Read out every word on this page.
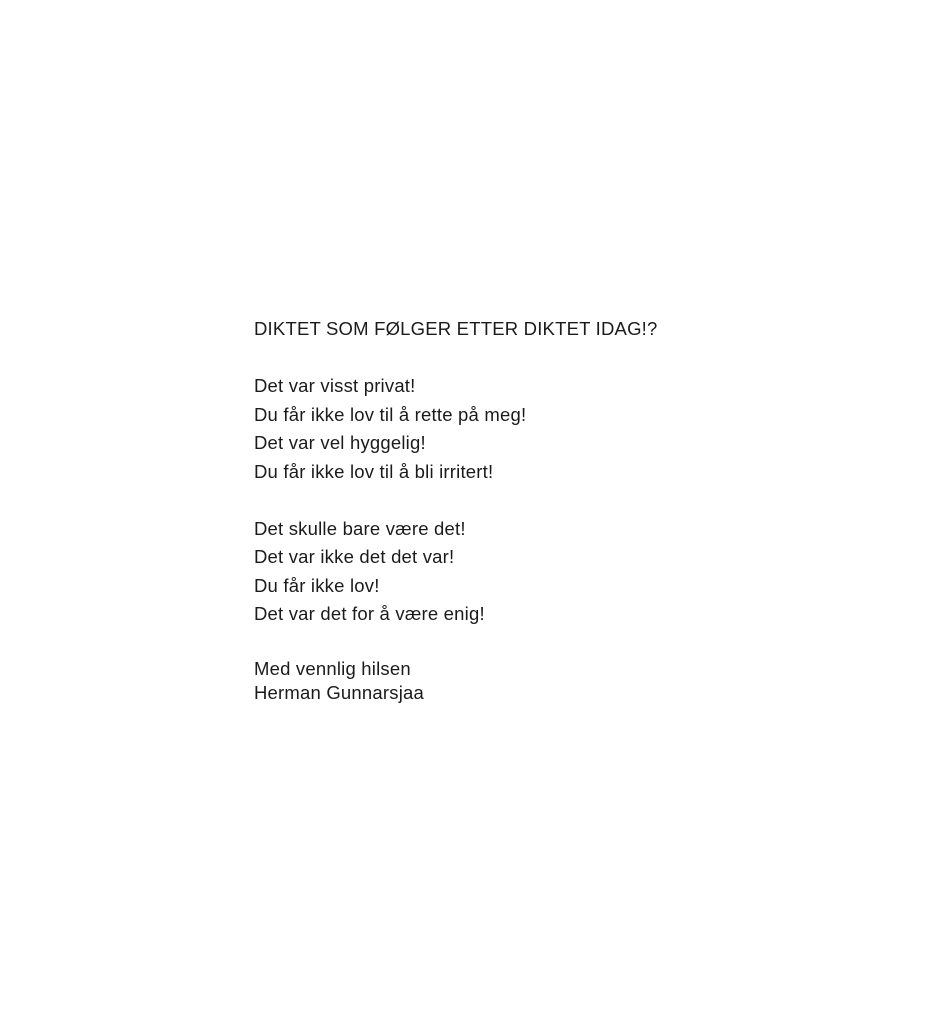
DIKTET SOM FØLGER ETTER DIKTET IDAG!?
Det var visst privat!
Du får ikke lov til å rette på meg!
Det var vel hyggelig!
Du får ikke lov til å bli irritert!
Det skulle bare være det!
Det var ikke det det var!
Du får ikke lov!
Det var det for å være enig!
Med vennlig hilsen
Herman Gunnarsjaa
